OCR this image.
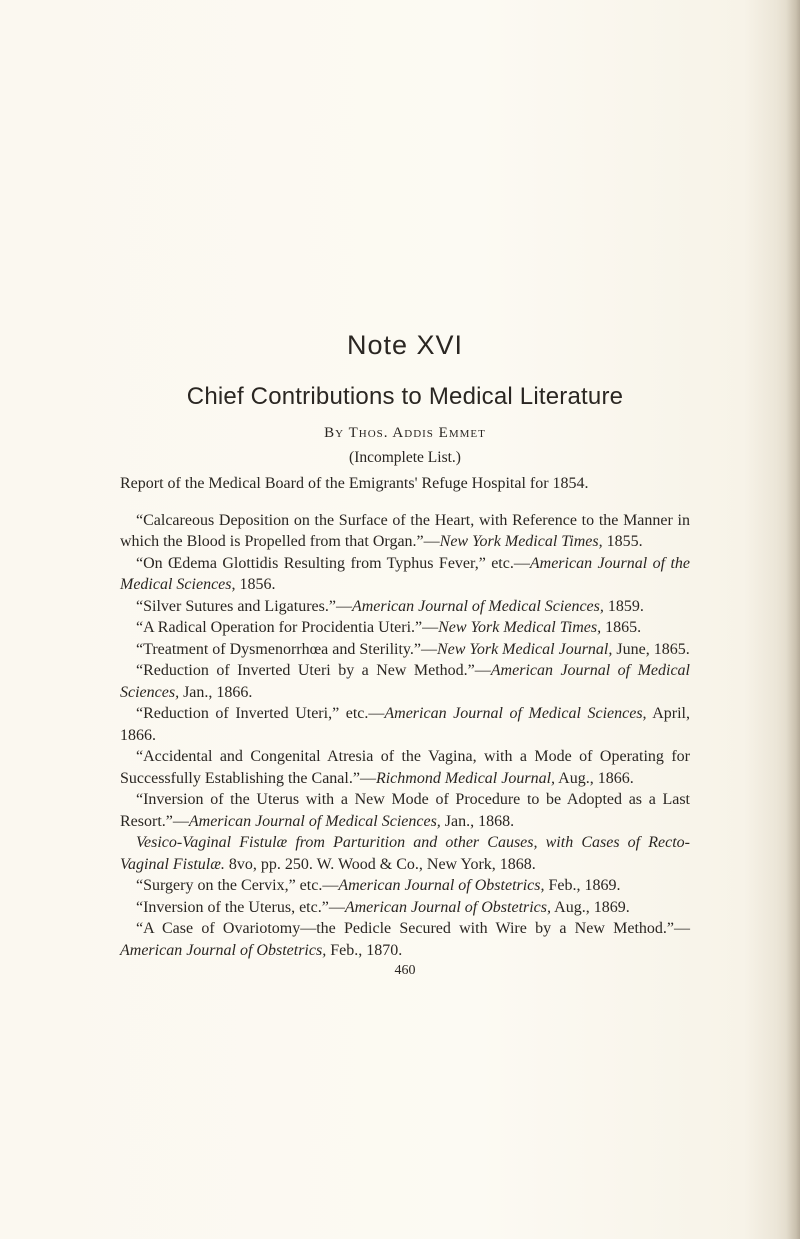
Note XVI
Chief Contributions to Medical Literature
By Thos. Addis Emmet
(Incomplete List.)

Report of the Medical Board of the Emigrants' Refuge Hospital for 1854.

“Calcareous Deposition on the Surface of the Heart, with Reference to the Manner in which the Blood is Propelled from that Organ.”—New York Medical Times, 1855.

“On Œdema Glottidis Resulting from Typhus Fever,” etc.—American Journal of the Medical Sciences, 1856.

“Silver Sutures and Ligatures.”—American Journal of Medical Sciences, 1859.

“A Radical Operation for Procidentia Uteri.”—New York Medical Times, 1865.

“Treatment of Dysmenorrhœa and Sterility.”—New York Medical Journal, June, 1865.

“Reduction of Inverted Uteri by a New Method.”—American Journal of Medical Sciences, Jan., 1866.

“Reduction of Inverted Uteri,” etc.—American Journal of Medical Sciences, April, 1866.

“Accidental and Congenital Atresia of the Vagina, with a Mode of Operating for Successfully Establishing the Canal.”—Richmond Medical Journal, Aug., 1866.

“Inversion of the Uterus with a New Mode of Procedure to be Adopted as a Last Resort.”—American Journal of Medical Sciences, Jan., 1868.

Vesico-Vaginal Fistulæ from Parturition and other Causes, with Cases of Recto-Vaginal Fistulæ. 8vo, pp. 250. W. Wood & Co., New York, 1868.

“Surgery on the Cervix,” etc.—American Journal of Obstetrics, Feb., 1869.

“Inversion of the Uterus, etc.”—American Journal of Obstetrics, Aug., 1869.

“A Case of Ovariotomy—the Pedicle Secured with Wire by a New Method.”—American Journal of Obstetrics, Feb., 1870.

460
